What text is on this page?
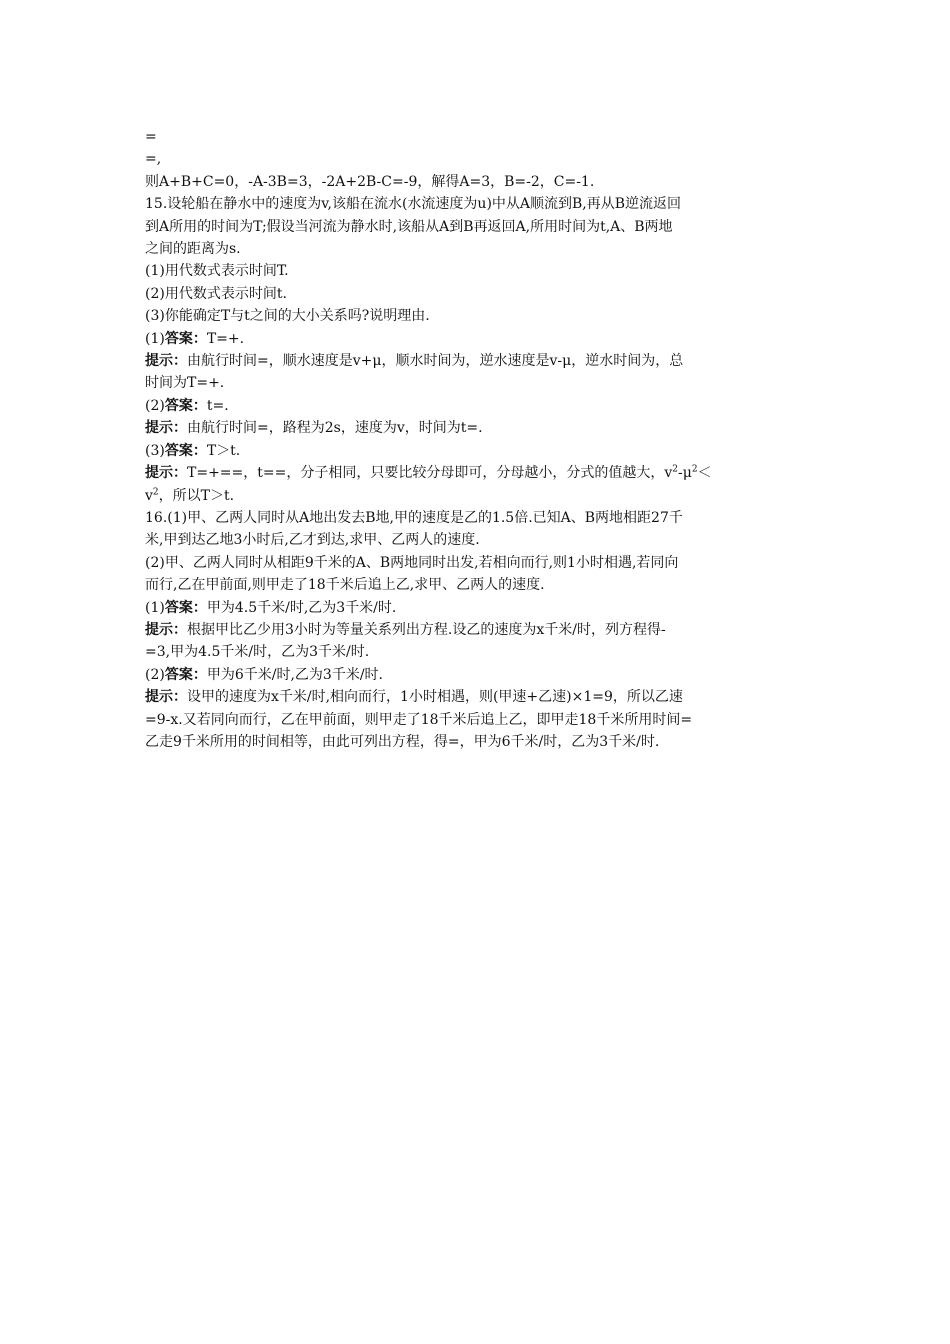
=
=,
则A+B+C=0，-A-3B=3，-2A+2B-C=-9，解得A=3，B=-2，C=-1.
15.设轮船在静水中的速度为v,该船在流水(水流速度为u)中从A顺流到B,再从B逆流返回
到A所用的时间为T;假设当河流为静水时,该船从A到B再返回A,所用时间为t,A、B两地
之间的距离为s.
(1)用代数式表示时间T.
(2)用代数式表示时间t.
(3)你能确定T与t之间的大小关系吗?说明理由.
(1)答案：T=+.
提示：由航行时间=，顺水速度是v+μ，顺水时间为，逆水速度是v-μ，逆水时间为，总
时间为T=+.
(2)答案：t=.
提示：由航行时间=，路程为2s，速度为v，时间为t=.
(3)答案：T＞t.
提示：T=+==，t==，分子相同，只要比较分母即可，分母越小，分式的值越大，$v^2-\mu^2<$
$v^2$，所以T＞t.
16.(1)甲、乙两人同时从A地出发去B地,甲的速度是乙的1.5倍.已知A、B两地相距27千
米,甲到达乙地3小时后,乙才到达,求甲、乙两人的速度.
(2)甲、乙两人同时从相距9千米的A、B两地同时出发,若相向而行,则1小时相遇,若同向
而行,乙在甲前面,则甲走了18千米后追上乙,求甲、乙两人的速度.
(1)答案：甲为4.5千米/时,乙为3千米/时.
提示：根据甲比乙少用3小时为等量关系列出方程.设乙的速度为x千米/时，列方程得-
=3,甲为4.5千米/时，乙为3千米/时.
(2)答案：甲为6千米/时,乙为3千米/时.
提示：设甲的速度为x千米/时,相向而行，1小时相遇，则(甲速+乙速)×1=9，所以乙速
=9-x.又若同向而行，乙在甲前面，则甲走了18千米后追上乙，即甲走18千米所用时间=
乙走9千米所用的时间相等，由此可列出方程，得=，甲为6千米/时，乙为3千米/时.
